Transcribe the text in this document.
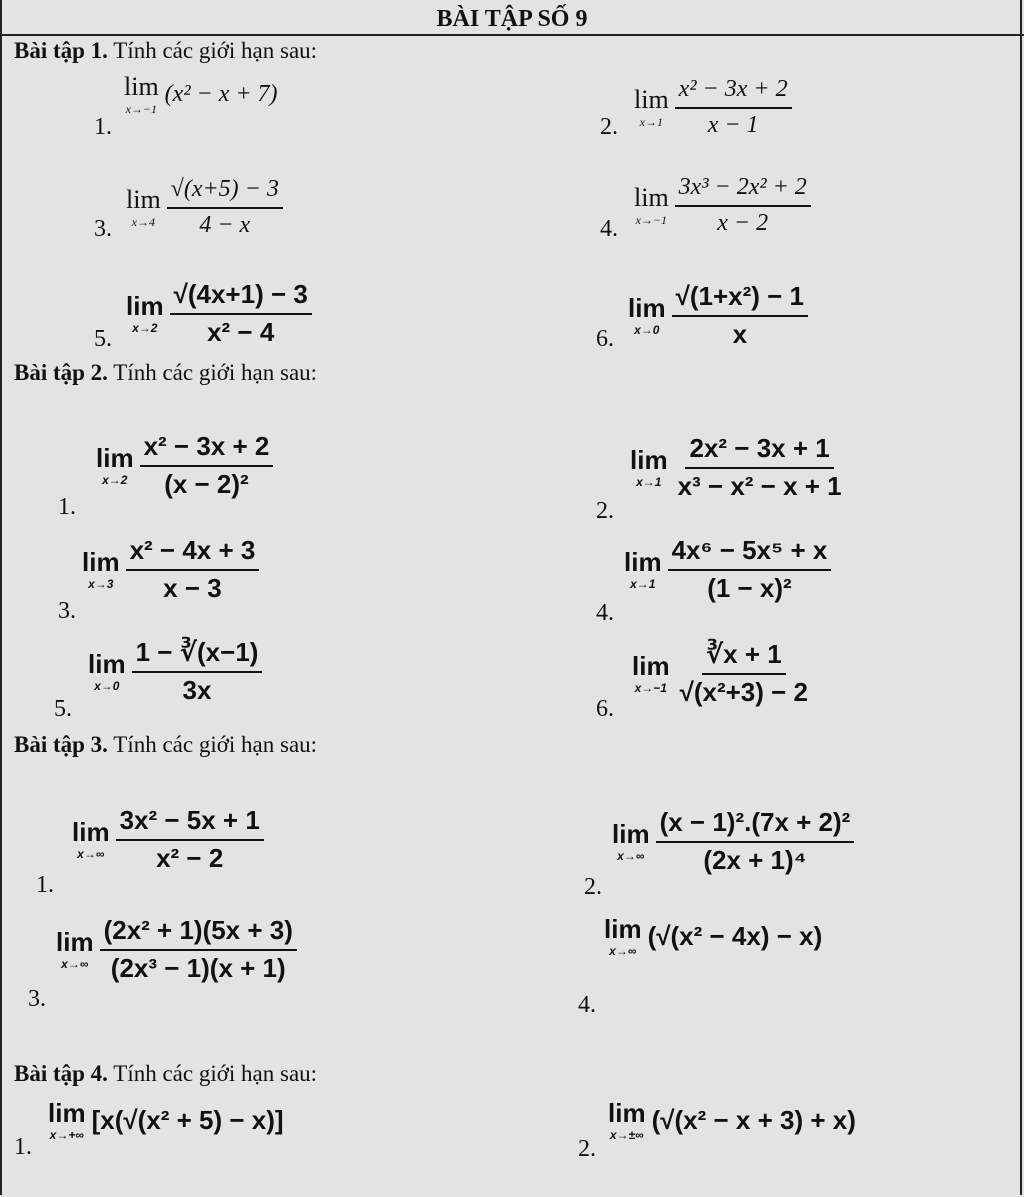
BÀI TẬP SỐ 9
Bài tập 1. Tính các giới hạn sau:
Bài tập 2. Tính các giới hạn sau:
Bài tập 3. Tính các giới hạn sau:
Bài tập 4. Tính các giới hạn sau:
1.
lim
x→−1
(x² − x + 7)
2.
lim
$x\to 1 \frac{\text{x² − 3x + 2}}{x - 1}$
3.
lim
$x\to 4 \frac{√(x+5) - 3}{4 - x}$	4.
lim
$x\to-1 \frac{\text{3x³ − 2x² + 2}}{x - 2}$
5.
lim
$x\to 2 \frac{√(4x+1) - 3}{\text{x² − 4}}$	6.
lim
$x\to 0 \frac{\text{√(1+x²) − 1}}{x}$
1.
lim
$x\to 2 \frac{\text{x² − 3x + 2}}{\text{(x − 2)²}}$
2.
lim
$x\to 1 \frac{\text{2x² − 3x + 1}}{\text{x³ − x² − x + 1}}$
3.
lim
$x\to 3 \frac{\text{x² − 4x + 3}}{x - 3}$
4.
lim
$x\to 1 \frac{\text{4x⁶ − 5x⁵ + x}}{\text{(1 − x)²}}$
5.
lim
$x\to 0 \frac{1 - ∛(x-1)}{3x}$
6.
lim
$x\to-1 \frac{∛x + 1}{\text{√(x²+3) − 2}}$
1.
lim
$x\to\infty \frac{\text{3x² − 5x + 1}}{\text{x² − 2}}$
2.
lim
$x\to\infty \frac{\text{(x − 1)².(7x + 2)²}}{\text{(2x + 1)⁴}}$
3.
lim
$x\to\infty \frac{\text{(2x² + 1)(5x + 3)}}{\text{(2x³ − 1)(x + 1)}}$
4.
lim
x→∞ (√(x² − 4x) − x)
1.
lim
x→+∞ [x(√(x² + 5) − x)]
2.
lim
x→±∞ (√(x² − x + 3) + x)
